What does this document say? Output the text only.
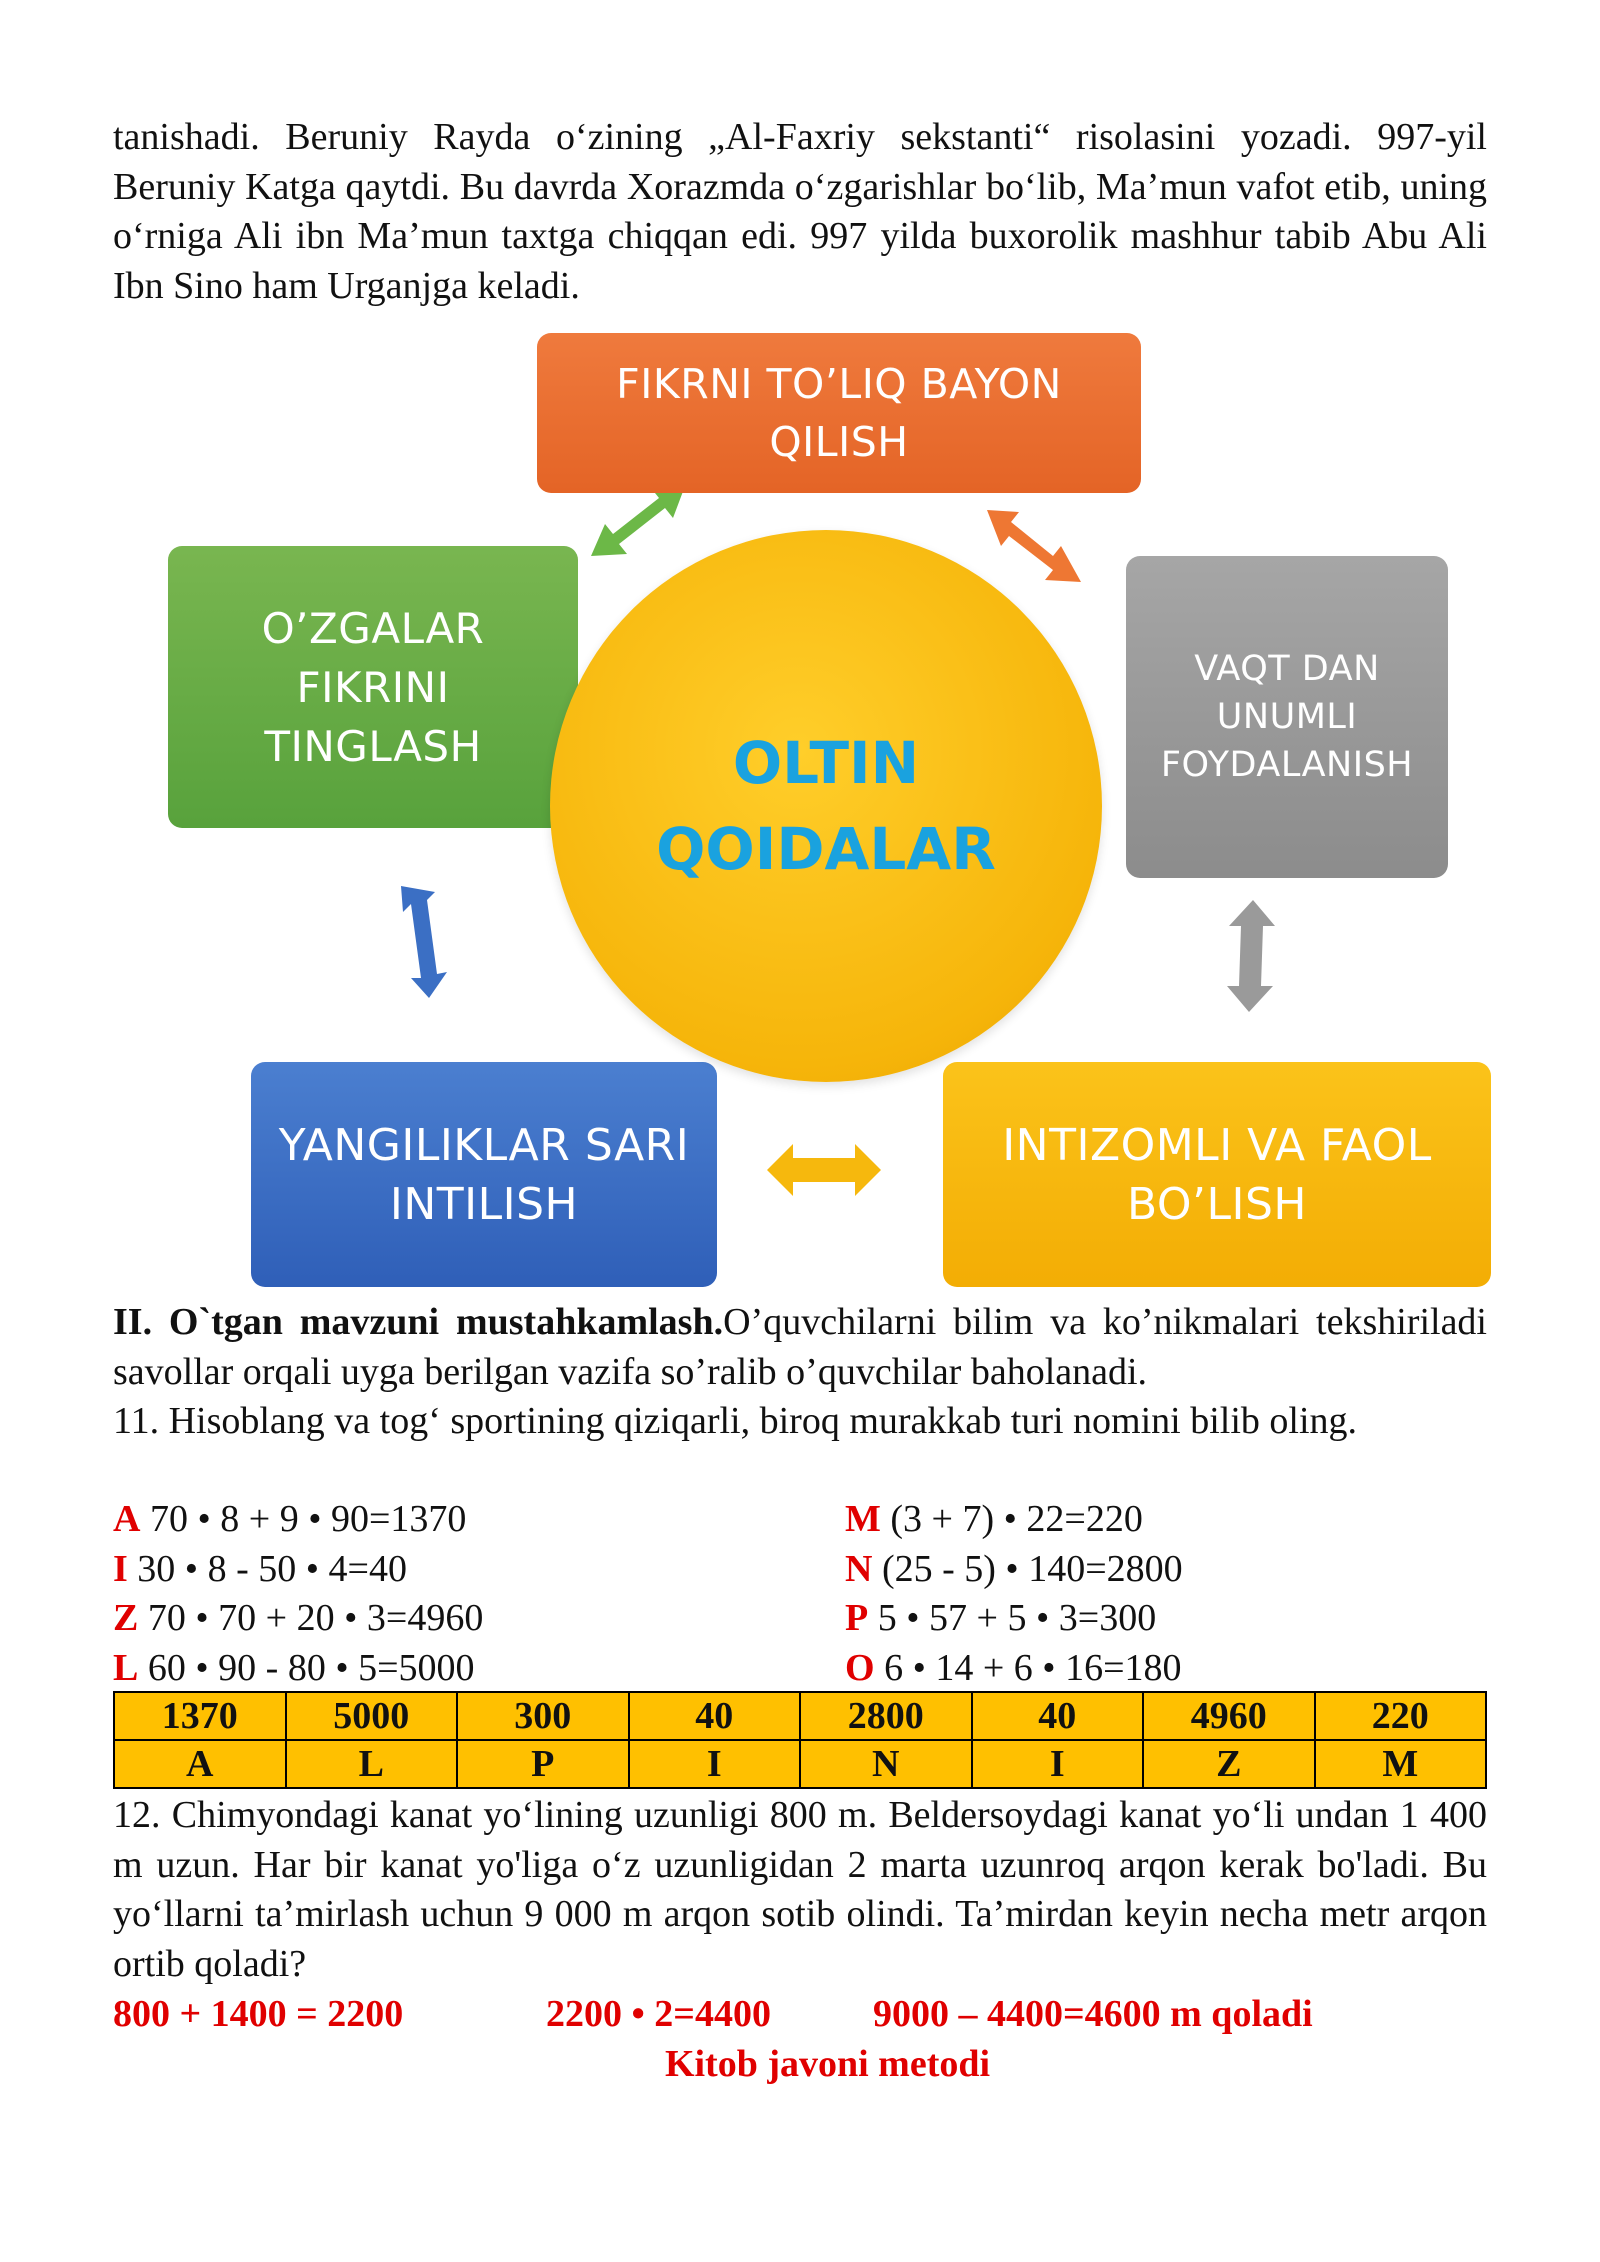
tanishadi. Beruniy Rayda o‘zining „Al-Faxriy sekstanti“ risolasini yozadi. 997-yil Beruniy Katga qaytdi. Bu davrda Xorazmda o‘zgarishlar bo‘lib, Ma’mun vafot etib, uning o‘rniga Ali ibn Ma’mun taxtga chiqqan edi. 997 yilda buxorolik mashhur tabib Abu Ali Ibn Sino ham Urganjga keladi.

FIKRNI TO’LIQ BAYON
QILISH
O’ZGALAR
FIKRINI
TINGLASH
VAQT DAN
UNUMLI
FOYDALANISH
YANGILIKLAR SARI
INTILISH
INTIZOMLI VA FAOL
BO’LISH
OLTIN
QOIDALAR

II. O`tgan mavzuni mustahkamlash.O’quvchilarni bilim va ko’nikmalari tekshiriladi savollar orqali uyga berilgan vazifa so’ralib o’quvchilar baholanadi.

11. Hisoblang va tog‘ sportining qiziqarli, biroq murakkab turi nomini bilib oling.

A 70 • 8 + 9 • 90=1370	M (3 + 7) • 22=220
I 30 • 8 - 50 • 4=40	N (25 - 5) • 140=2800
Z 70 • 70 + 20 • 3=4960	P 5 • 57 + 5 • 3=300
L 60 • 90 - 80 • 5=5000	O 6 • 14 + 6 • 16=180
1370	5000	300	40	2800	40	4960	220
A	L	P	I	N	I	Z	M

12. Chimyondagi kanat yo‘lining uzunligi 800 m. Beldersoydagi kanat yo‘li undan 1 400 m uzun. Har bir kanat yo'liga o‘z uzunligidan 2 marta uzunroq arqon kerak bo'ladi. Bu yo‘llarni ta’mirlash uchun 9 000 m arqon sotib olindi. Ta’mirdan keyin necha metr arqon ortib qoladi?

800 + 1400 = 2200	2200 • 2=4400	9000 – 4400=4600 m qoladi
Kitob javoni metodi
